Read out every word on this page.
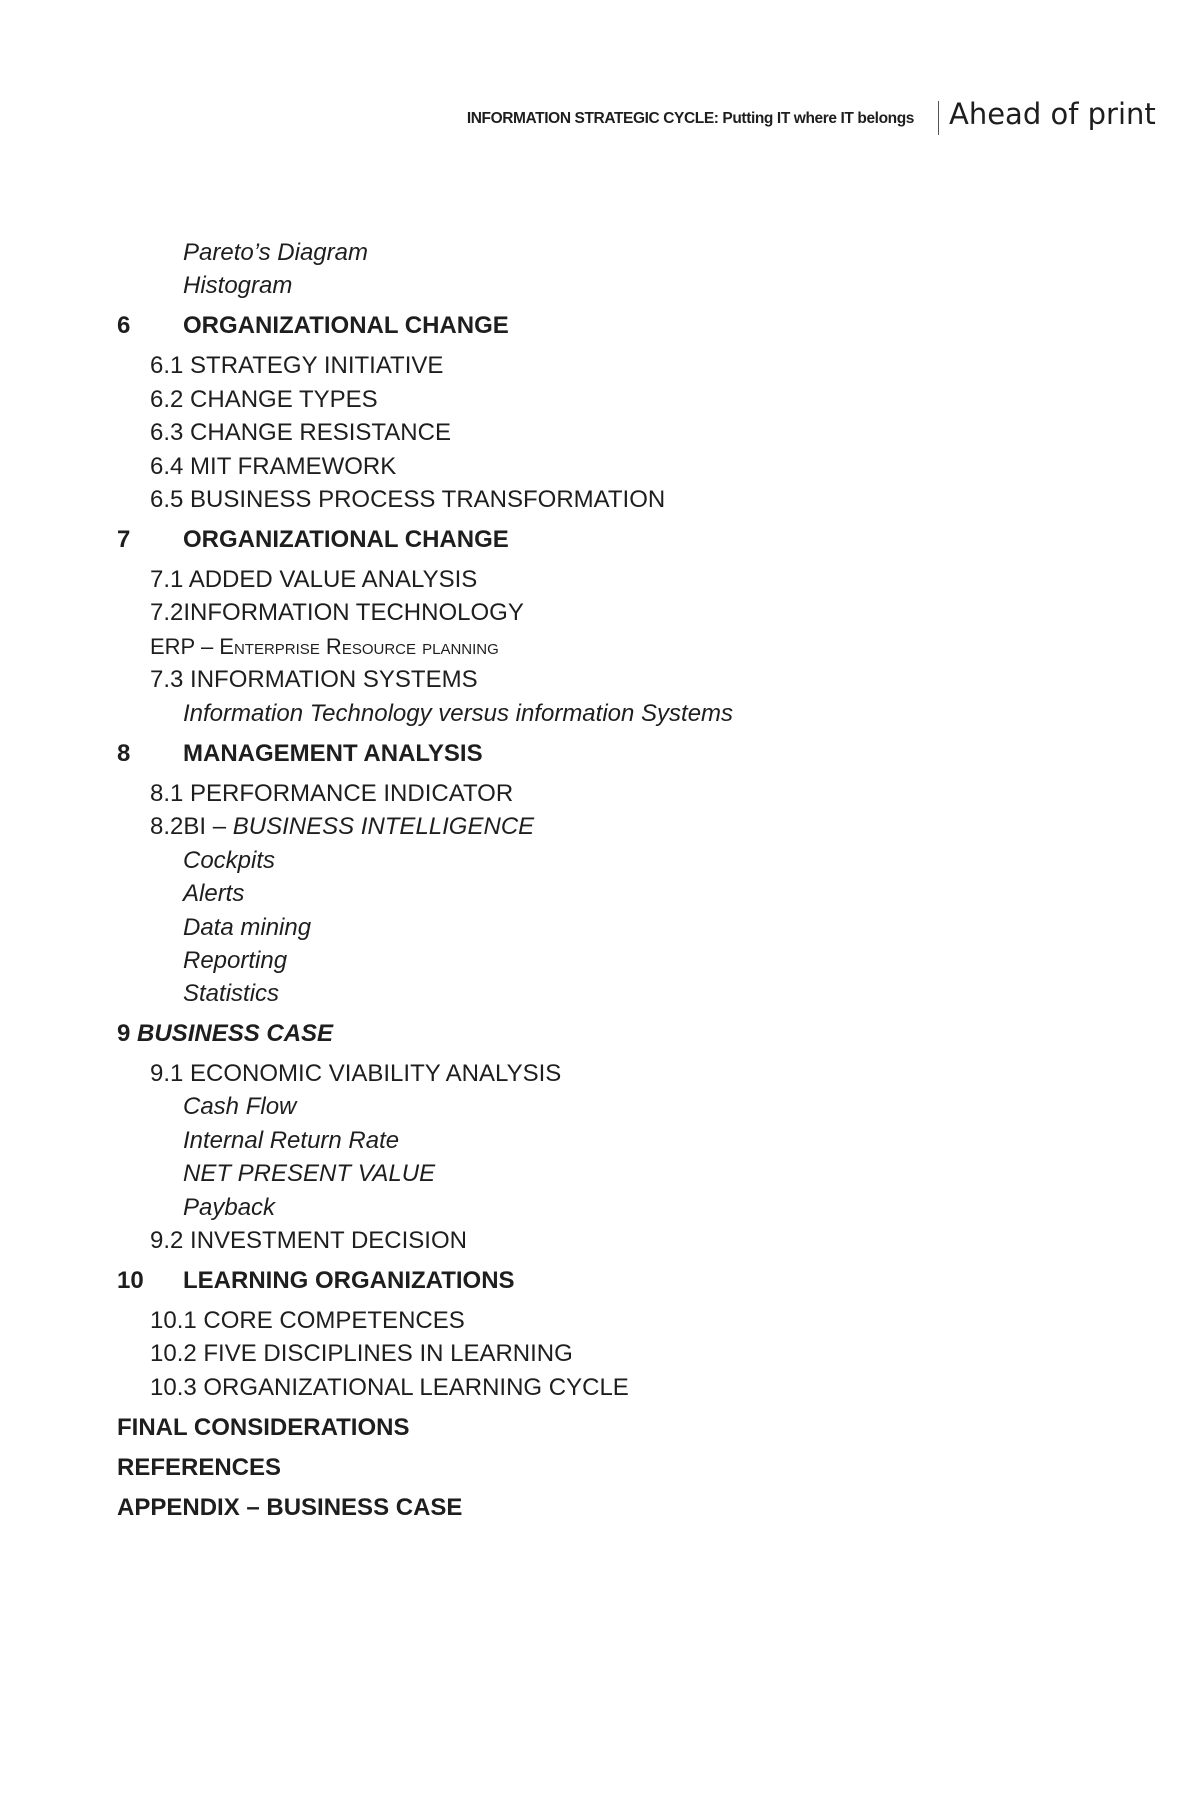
INFORMATION STRATEGIC CYCLE: Putting IT where IT belongs Ahead of print
Pareto’s Diagram
Histogram
6 ORGANIZATIONAL CHANGE
6.1 STRATEGY INITIATIVE
6.2 CHANGE TYPES
6.3 CHANGE RESISTANCE
6.4 MIT FRAMEWORK
6.5 BUSINESS PROCESS TRANSFORMATION
7 ORGANIZATIONAL CHANGE
7.1 ADDED VALUE ANALYSIS
7.2INFORMATION TECHNOLOGY
ERP – Enterprise Resource planning
7.3 INFORMATION SYSTEMS
Information Technology versus information Systems
8 MANAGEMENT ANALYSIS
8.1 PERFORMANCE INDICATOR
8.2BI – BUSINESS INTELLIGENCE
Cockpits
Alerts
Data mining
Reporting
Statistics
9 BUSINESS CASE
9.1 ECONOMIC VIABILITY ANALYSIS
Cash Flow
Internal Return Rate
NET PRESENT VALUE
Payback
9.2 INVESTMENT DECISION
10 LEARNING ORGANIZATIONS
10.1 CORE COMPETENCES
10.2 FIVE DISCIPLINES IN LEARNING
10.3 ORGANIZATIONAL LEARNING CYCLE
FINAL CONSIDERATIONS
REFERENCES
APPENDIX – BUSINESS CASE
